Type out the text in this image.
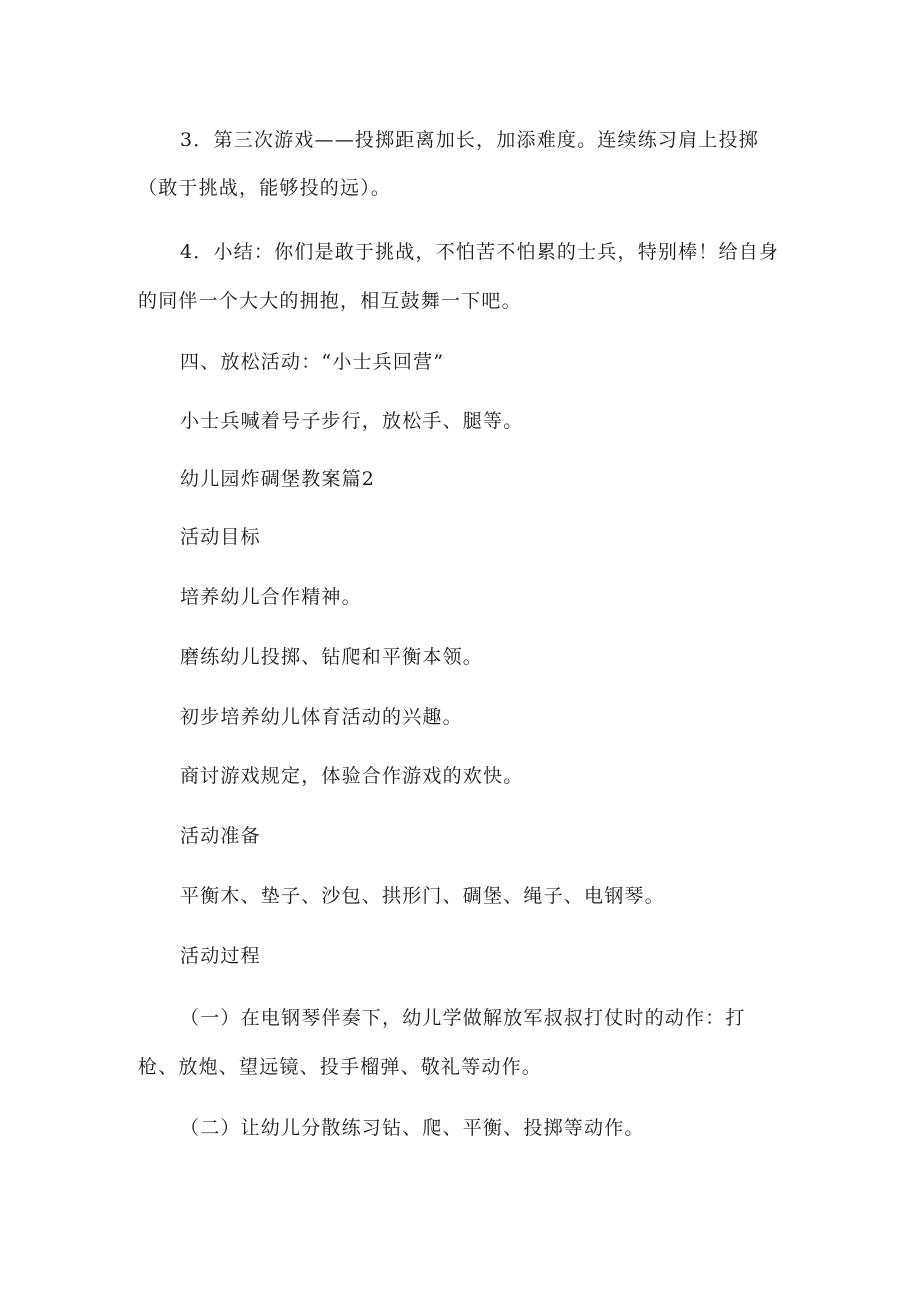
3．第三次游戏——投掷距离加长，加添难度。连续练习肩上投掷

（敢于挑战，能够投的远）。

4．小结：你们是敢于挑战，不怕苦不怕累的士兵，特别棒！给自身

的同伴一个大大的拥抱，相互鼓舞一下吧。

四、放松活动：“小士兵回营”

小士兵喊着号子步行，放松手、腿等。

幼儿园炸碉堡教案篇2

活动目标

培养幼儿合作精神。

磨练幼儿投掷、钻爬和平衡本领。

初步培养幼儿体育活动的兴趣。

商讨游戏规定，体验合作游戏的欢快。

活动准备

平衡木、垫子、沙包、拱形门、碉堡、绳子、电钢琴。

活动过程

（一）在电钢琴伴奏下，幼儿学做解放军叔叔打仗时的动作：打

枪、放炮、望远镜、投手榴弹、敬礼等动作。

（二）让幼儿分散练习钻、爬、平衡、投掷等动作。
